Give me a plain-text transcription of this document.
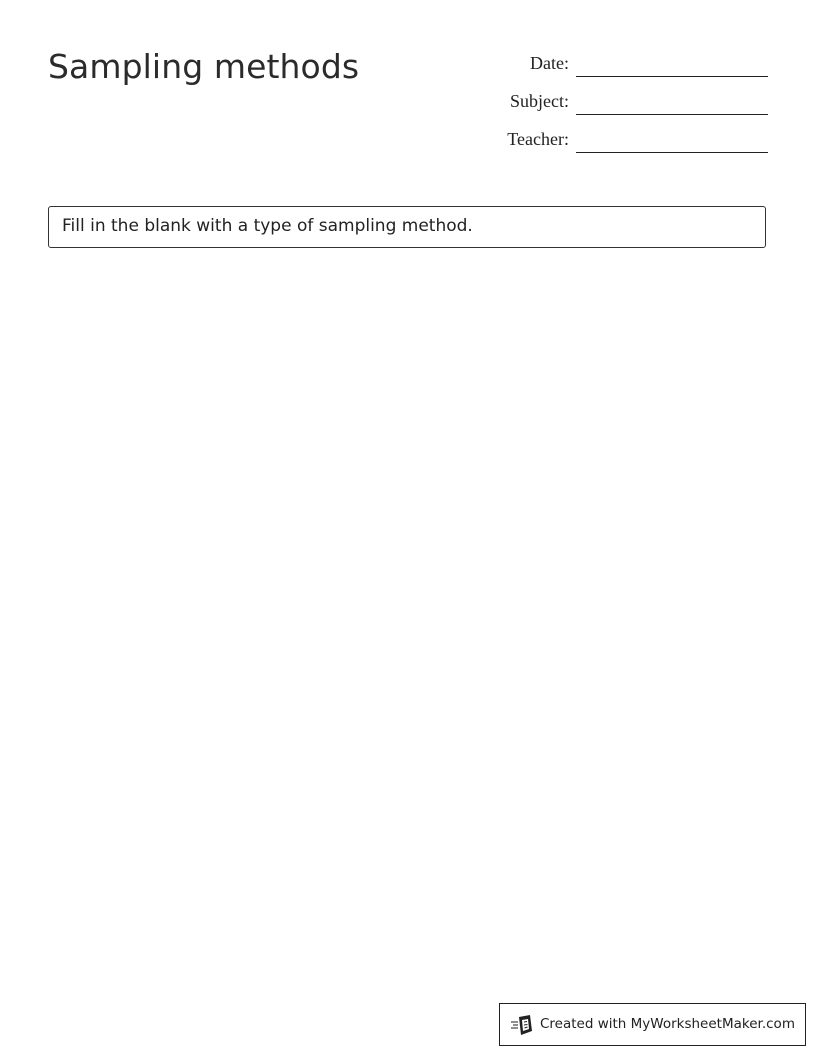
Sampling methods	Date:
Subject:
Teacher:
Fill in the blank with a type of sampling method.
Created with MyWorksheetMaker.com
